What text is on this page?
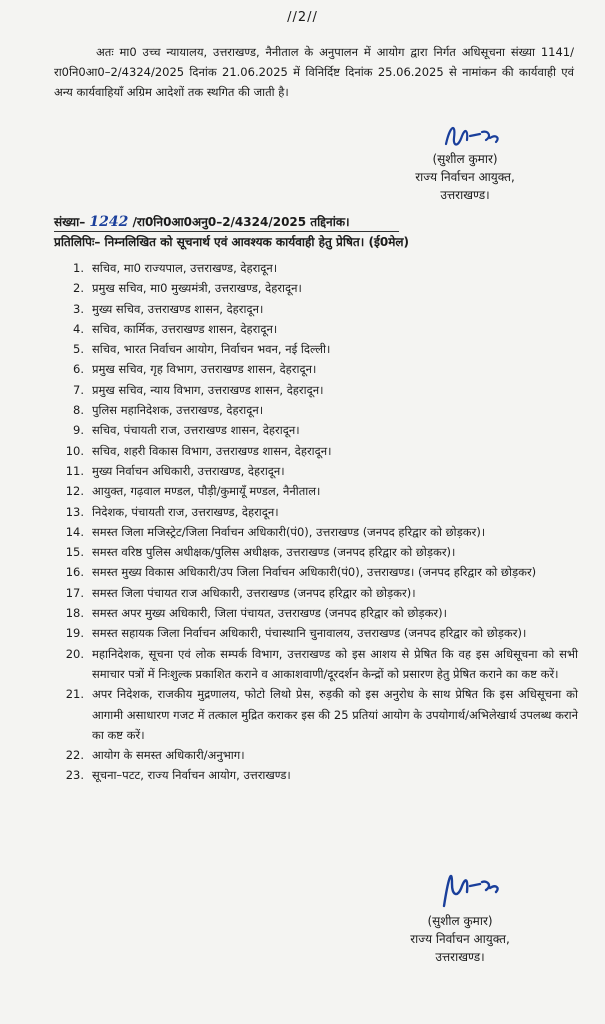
//2//

अतः मा0 उच्च न्यायालय, उत्तराखण्ड, नैनीताल के अनुपालन में आयोग द्वारा निर्गत अधिसूचना संख्या 1141/रा0नि0आ0–2/4324/2025 दिनांक 21.06.2025 में विनिर्दिष्ट दिनांक 25.06.2025 से नामांकन की कार्यवाही एवं अन्य कार्यवाहियाँ अग्रिम आदेशों तक स्थगित की जाती है।

(सुशील कुमार)
राज्य निर्वाचन आयुक्त,
उत्तराखण्ड।
संख्या– 1242 /रा0नि0आ0अनु0–2/4324/2025 तद्दिनांक।
प्रतिलिपिः– निम्नलिखित को सूचनार्थ एवं आवश्यक कार्यवाही हेतु प्रेषित। (ई0मेल)
1. सचिव, मा0 राज्यपाल, उत्तराखण्ड, देहरादून।
2. प्रमुख सचिव, मा0 मुख्यमंत्री, उत्तराखण्ड, देहरादून।
3. मुख्य सचिव, उत्तराखण्ड शासन, देहरादून।
4. सचिव, कार्मिक, उत्तराखण्ड शासन, देहरादून।
5. सचिव, भारत निर्वाचन आयोग, निर्वाचन भवन, नई दिल्ली।
6. प्रमुख सचिव, गृह विभाग, उत्तराखण्ड शासन, देहरादून।
7. प्रमुख सचिव, न्याय विभाग, उत्तराखण्ड शासन, देहरादून।
8. पुलिस महानिदेशक, उत्तराखण्ड, देहरादून।
9. सचिव, पंचायती राज, उत्तराखण्ड शासन, देहरादून।
10. सचिव, शहरी विकास विभाग, उत्तराखण्ड शासन, देहरादून।
11. मुख्य निर्वाचन अधिकारी, उत्तराखण्ड, देहरादून।
12. आयुक्त, गढ़वाल मण्डल, पौड़ी/कुमायूँ मण्डल, नैनीताल।
13. निदेशक, पंचायती राज, उत्तराखण्ड, देहरादून।
14. समस्त जिला मजिस्ट्रेट/जिला निर्वाचन अधिकारी(पं0), उत्तराखण्ड (जनपद हरिद्वार को छोड़कर)।
15. समस्त वरिष्ठ पुलिस अधीक्षक/पुलिस अधीक्षक, उत्तराखण्ड (जनपद हरिद्वार को छोड़कर)।
16. समस्त मुख्य विकास अधिकारी/उप जिला निर्वाचन अधिकारी(पं0), उत्तराखण्ड। (जनपद हरिद्वार को छोड़कर)
17. समस्त जिला पंचायत राज अधिकारी, उत्तराखण्ड (जनपद हरिद्वार को छोड़कर)।
18. समस्त अपर मुख्य अधिकारी, जिला पंचायत, उत्तराखण्ड (जनपद हरिद्वार को छोड़कर)।
19. समस्त सहायक जिला निर्वाचन अधिकारी, पंचास्थानि चुनावालय, उत्तराखण्ड (जनपद हरिद्वार को छोड़कर)।
20. महानिदेशक, सूचना एवं लोक सम्पर्क विभाग, उत्तराखण्ड को इस आशय से प्रेषित कि वह इस अधिसूचना को सभी समाचार पत्रों में निःशुल्क प्रकाशित कराने व आकाशवाणी/दूरदर्शन केन्द्रों को प्रसारण हेतु प्रेषित कराने का कष्ट करें।
21. अपर निदेशक, राजकीय मुद्रणालय, फोटो लिथो प्रेस, रुड़की को इस अनुरोध के साथ प्रेषित कि इस अधिसूचना को आगामी असाधारण गजट में तत्काल मुद्रित कराकर इस की 25 प्रतियां आयोग के उपयोगार्थ/अभिलेखार्थ उपलब्ध कराने का कष्ट करें।
22. आयोग के समस्त अधिकारी/अनुभाग।
23. सूचना–पटट, राज्य निर्वाचन आयोग, उत्तराखण्ड।
(सुशील कुमार)
राज्य निर्वाचन आयुक्त,
उत्तराखण्ड।
